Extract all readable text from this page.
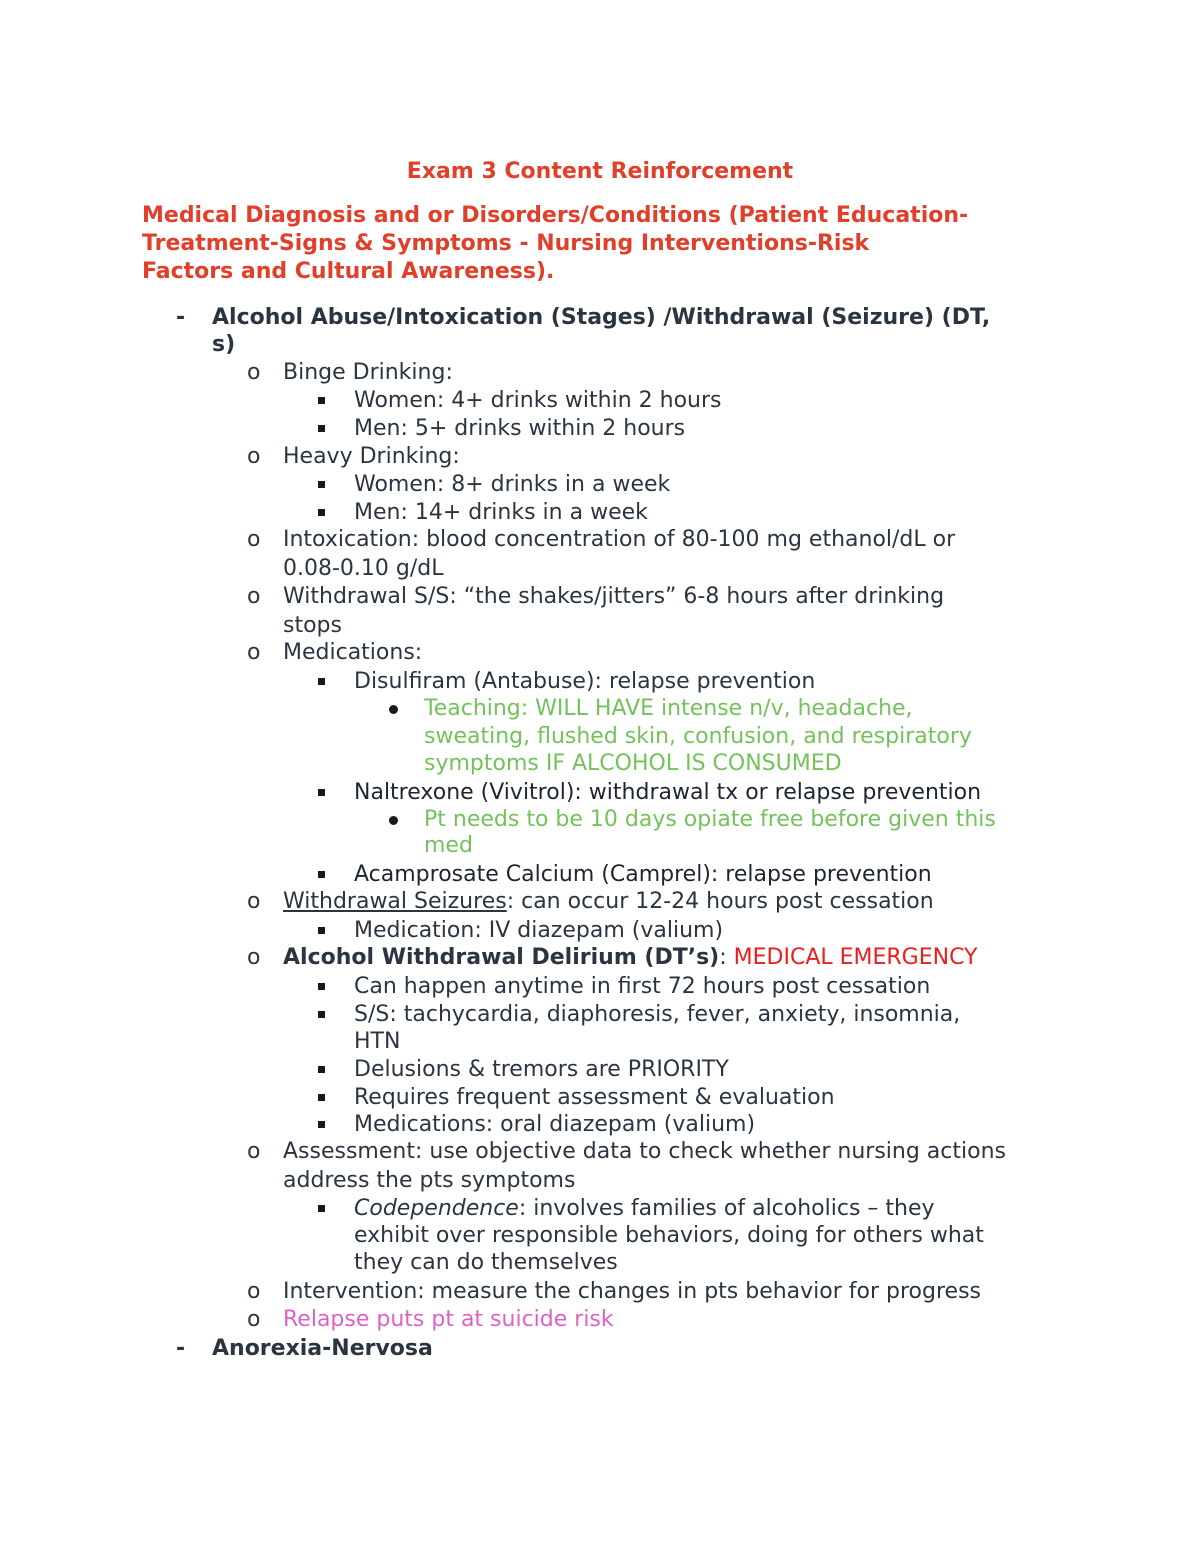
Exam 3 Content Reinforcement
Medical Diagnosis and or Disorders/Conditions (Patient Education-
Treatment-Signs & Symptoms - Nursing Interventions-Risk
Factors and Cultural Awareness).
- Alcohol Abuse/Intoxication (Stages) /Withdrawal (Seizure) (DT,
s)
o Binge Drinking:
Women: 4+ drinks within 2 hours
Men: 5+ drinks within 2 hours
o Heavy Drinking:
Women: 8+ drinks in a week
Men: 14+ drinks in a week
o Intoxication: blood concentration of 80-100 mg ethanol/dL or
0.08-0.10 g/dL
o Withdrawal S/S: “the shakes/jitters” 6-8 hours after drinking
stops
o Medications:
Disulfiram (Antabuse): relapse prevention
Teaching: WILL HAVE intense n/v, headache,
sweating, flushed skin, confusion, and respiratory
symptoms IF ALCOHOL IS CONSUMED
Naltrexone (Vivitrol): withdrawal tx or relapse prevention
Pt needs to be 10 days opiate free before given this
med
Acamprosate Calcium (Camprel): relapse prevention
o Withdrawal Seizures: can occur 12-24 hours post cessation
Medication: IV diazepam (valium)
o Alcohol Withdrawal Delirium (DT’s): MEDICAL EMERGENCY
Can happen anytime in first 72 hours post cessation
S/S: tachycardia, diaphoresis, fever, anxiety, insomnia,
HTN
Delusions & tremors are PRIORITY
Requires frequent assessment & evaluation
Medications: oral diazepam (valium)
o Assessment: use objective data to check whether nursing actions
address the pts symptoms
Codependence: involves families of alcoholics – they
exhibit over responsible behaviors, doing for others what
they can do themselves
o Intervention: measure the changes in pts behavior for progress
o Relapse puts pt at suicide risk
- Anorexia-Nervosa
